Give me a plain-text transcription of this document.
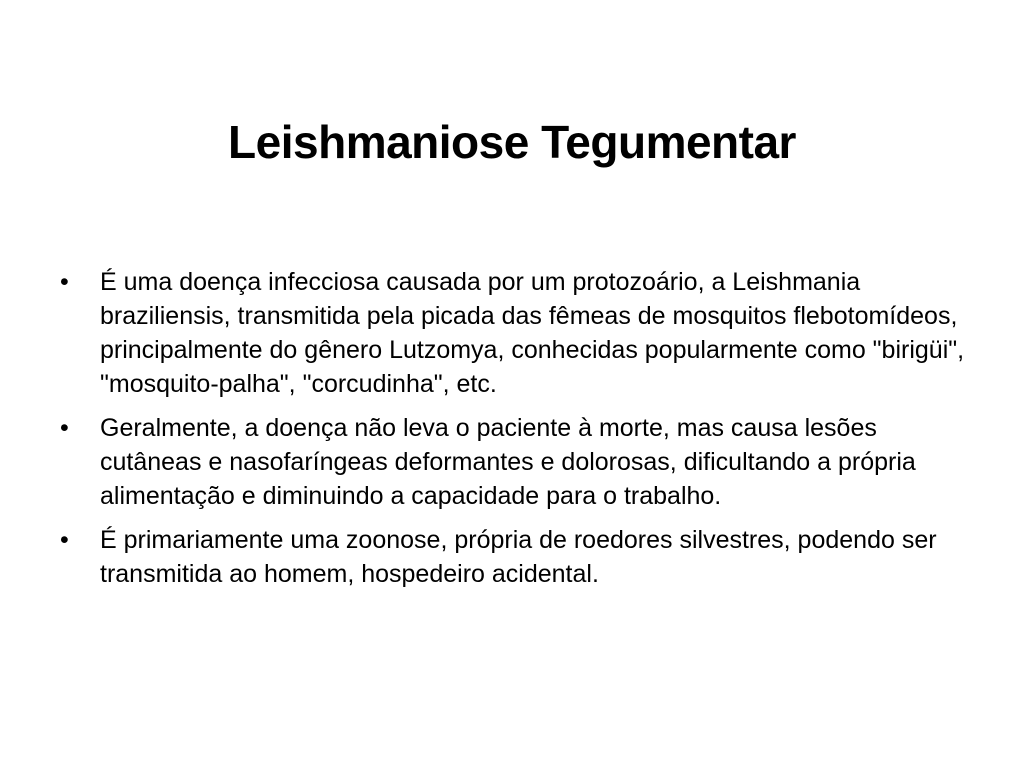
Leishmaniose Tegumentar
•	É uma doença infecciosa causada por um protozoário, a Leishmania braziliensis, transmitida pela picada das fêmeas de mosquitos flebotomídeos, principalmente do gênero Lutzomya, conhecidas popularmente como "birigüi", "mosquito-palha", "corcudinha", etc.
•	Geralmente, a doença não leva o paciente à morte, mas causa lesões cutâneas e nasofaríngeas deformantes e dolorosas, dificultando a própria alimentação e diminuindo a capacidade para o trabalho.
•	É primariamente uma zoonose, própria de roedores silvestres, podendo ser transmitida ao homem, hospedeiro acidental.
